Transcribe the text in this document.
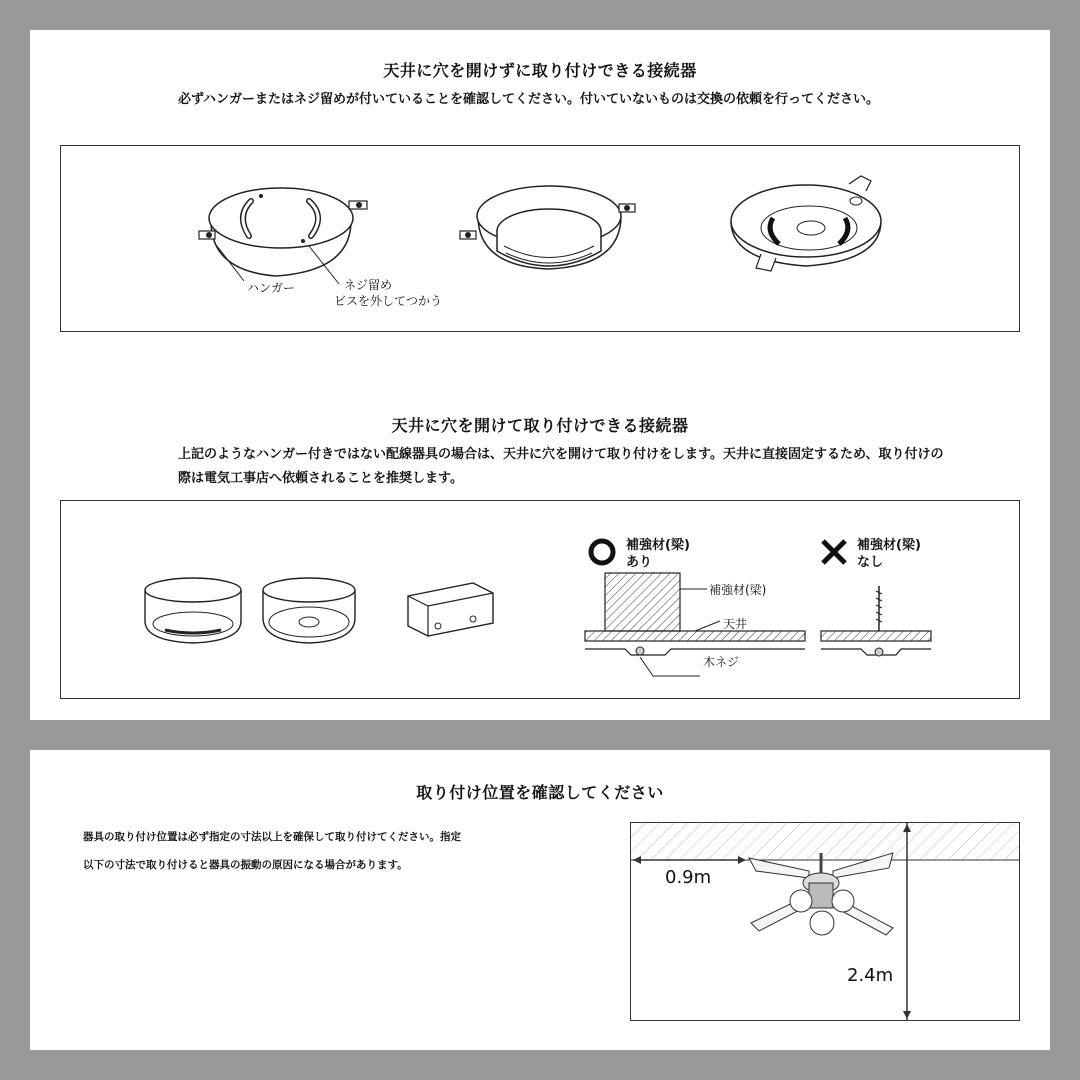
天井に穴を開けずに取り付けできる接続器
必ずハンガーまたはネジ留めが付いていることを確認してください。付いていないものは交換の依頼を行ってください。
ハンガー	ネジ留め
ビスを外してつかう
天井に穴を開けて取り付けできる接続器
上記のようなハンガー付きではない配線器具の場合は、天井に穴を開けて取り付けをします。天井に直接固定するため、取り付けの際は電気工事店へ依頼されることを推奨します。
補強材(梁)
あり
補強材(梁)
天井
木ネジ
補強材(梁)
なし
取り付け位置を確認してください
器具の取り付け位置は必ず指定の寸法以上を確保して取り付けてください。指定
以下の寸法で取り付けると器具の振動の原因になる場合があります。
0.9m
2.4m
